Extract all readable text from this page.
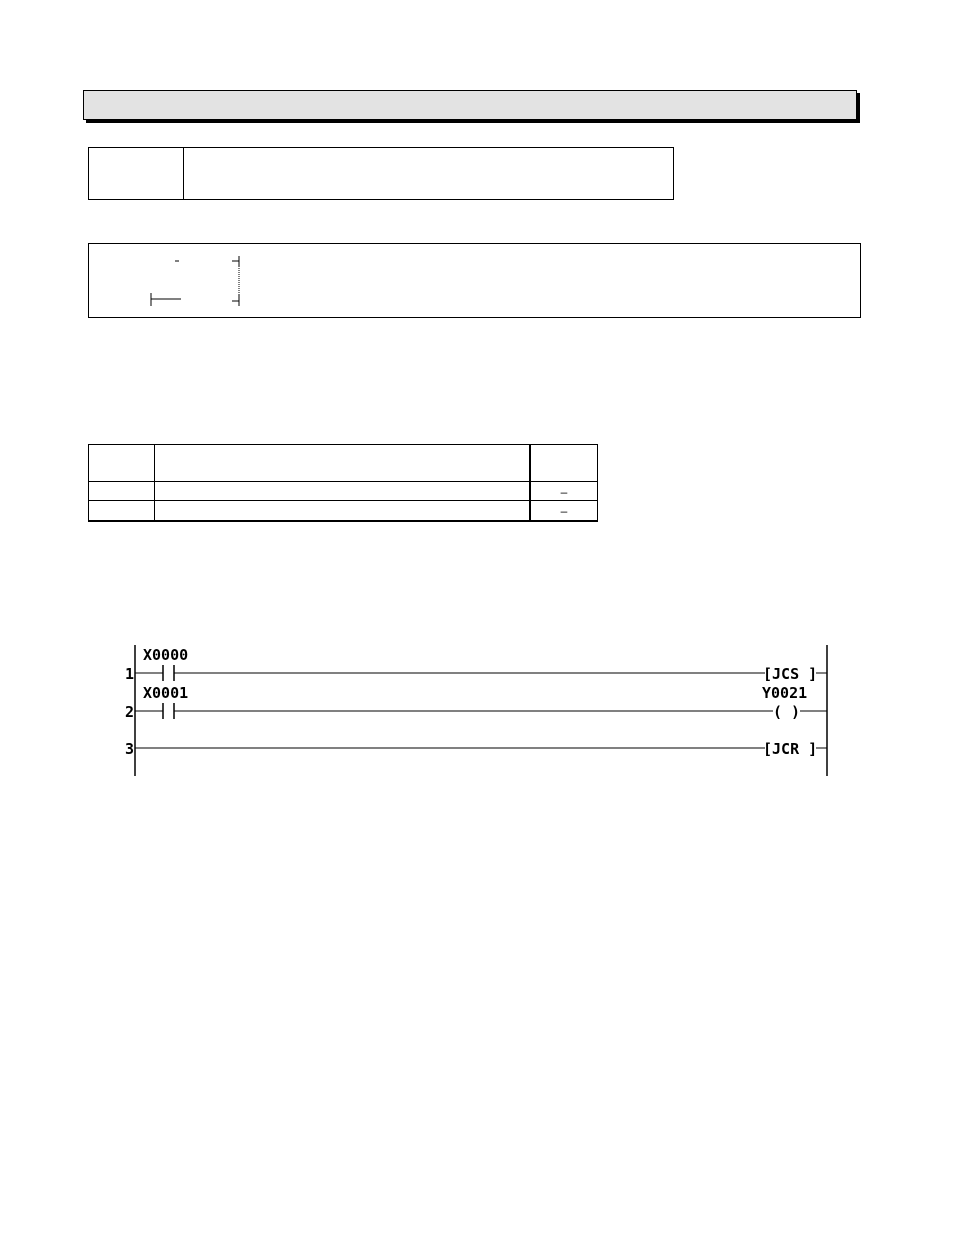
–
–
1
X0000
[JCS ]
2
X0001	Y0021
( )
3	[JCR ]
